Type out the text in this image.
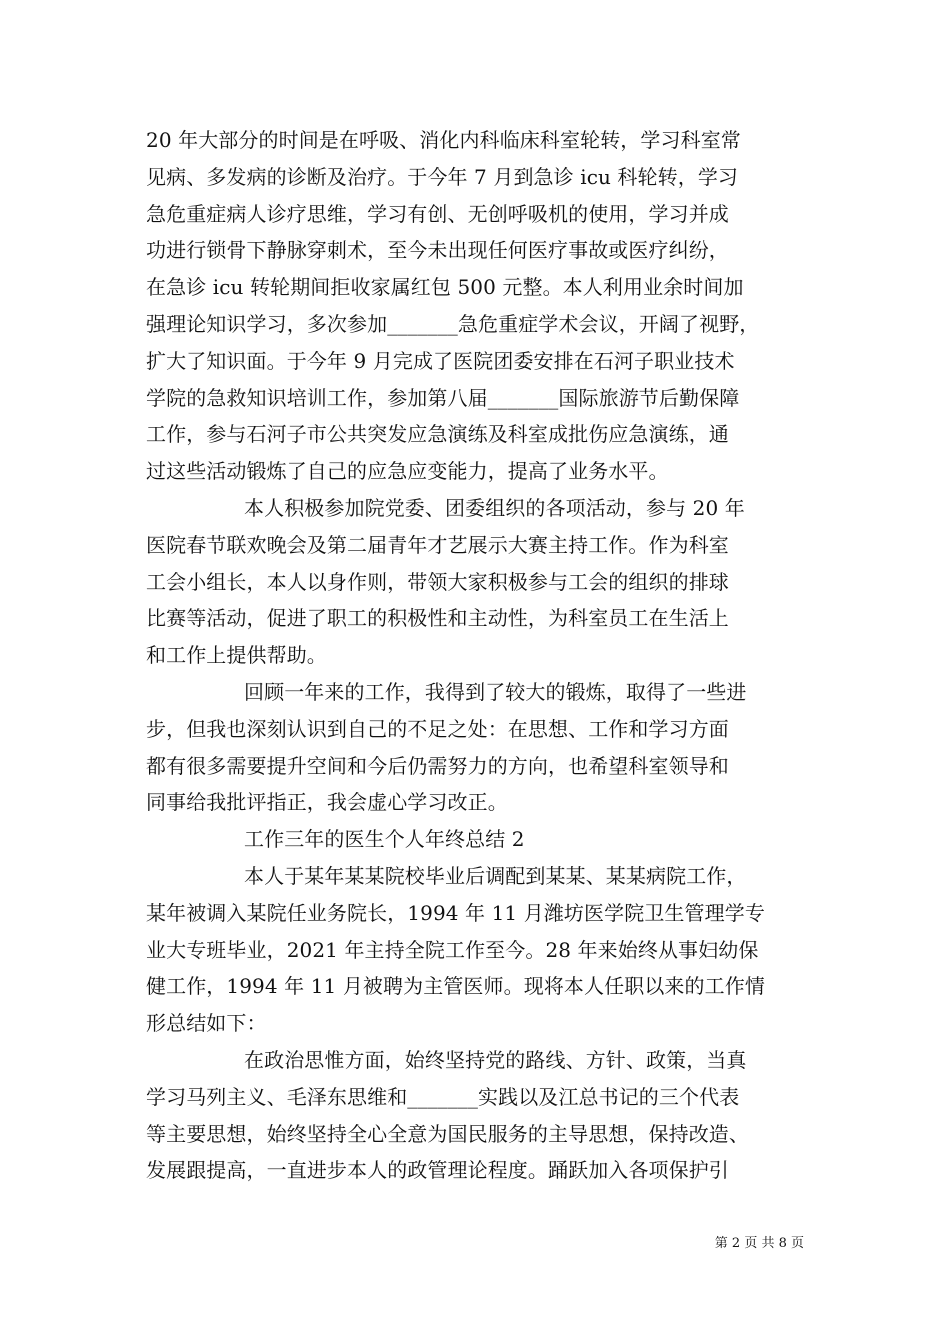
20 年大部分的时间是在呼吸、消化内科临床科室轮转，学习科室常
见病、多发病的诊断及治疗。于今年 7 月到急诊 icu 科轮转，学习
急危重症病人诊疗思维，学习有创、无创呼吸机的使用，学习并成
功进行锁骨下静脉穿刺术，至今未出现任何医疗事故或医疗纠纷，
在急诊 icu 转轮期间拒收家属红包 500 元整。本人利用业余时间加
强理论知识学习，多次参加_______急危重症学术会议，开阔了视野，
扩大了知识面。于今年 9 月完成了医院团委安排在石河子职业技术
学院的急救知识培训工作，参加第八届_______国际旅游节后勤保障
工作，参与石河子市公共突发应急演练及科室成批伤应急演练，通
过这些活动锻炼了自己的应急应变能力，提高了业务水平。
本人积极参加院党委、团委组织的各项活动，参与 20 年
医院春节联欢晚会及第二届青年才艺展示大赛主持工作。作为科室
工会小组长，本人以身作则，带领大家积极参与工会的组织的排球
比赛等活动，促进了职工的积极性和主动性，为科室员工在生活上
和工作上提供帮助。
回顾一年来的工作，我得到了较大的锻炼，取得了一些进
步，但我也深刻认识到自己的不足之处：在思想、工作和学习方面
都有很多需要提升空间和今后仍需努力的方向，也希望科室领导和
同事给我批评指正，我会虚心学习改正。
工作三年的医生个人年终总结 2
本人于某年某某院校毕业后调配到某某、某某病院工作，
某年被调入某院任业务院长，1994 年 11 月潍坊医学院卫生管理学专
业大专班毕业，2021 年主持全院工作至今。28 年来始终从事妇幼保
健工作，1994 年 11 月被聘为主管医师。现将本人任职以来的工作情
形总结如下：
在政治思惟方面，始终坚持党的路线、方针、政策，当真
学习马列主义、毛泽东思维和_______实践以及江总书记的三个代表
等主要思想，始终坚持全心全意为国民服务的主导思想，保持改造、
发展跟提高，一直进步本人的政管理论程度。踊跃加入各项保护引
第 2 页 共 8 页
